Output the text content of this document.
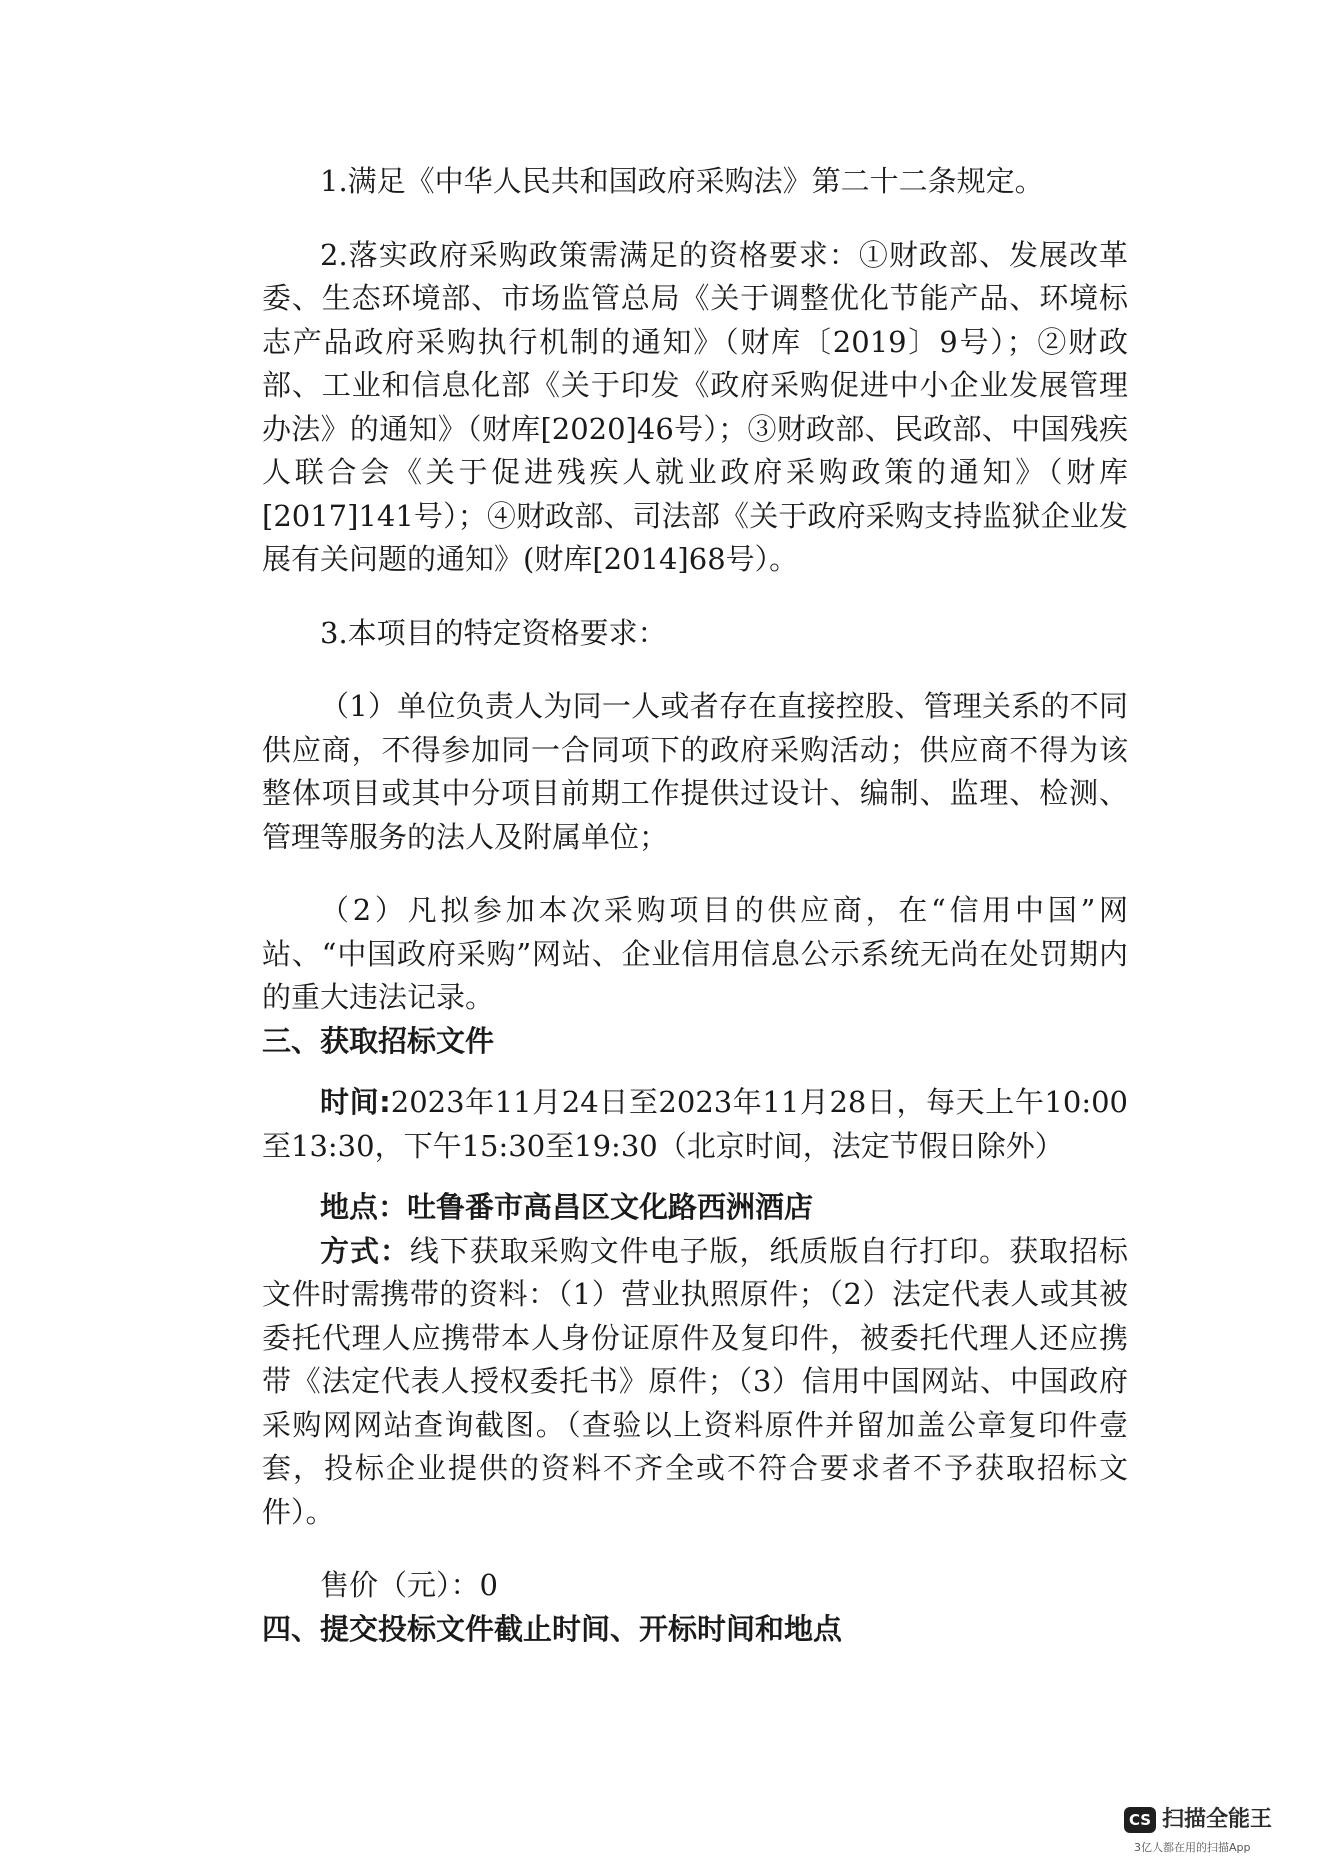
1.满足《中华人民共和国政府采购法》第二十二条规定。

2.落实政府采购政策需满足的资格要求：①财政部、发展改革委、生态环境部、市场监管总局《关于调整优化节能产品、环境标志产品政府采购执行机制的通知》（财库〔2019〕9号）；②财政部、工业和信息化部《关于印发《政府采购促进中小企业发展管理办法》的通知》（财库[2020]46号）；③财政部、民政部、中国残疾人联合会《关于促进残疾人就业政府采购政策的通知》（财库[2017]141号）；④财政部、司法部《关于政府采购支持监狱企业发展有关问题的通知》(财库[2014]68号）。

3.本项目的特定资格要求：

（1）单位负责人为同一人或者存在直接控股、管理关系的不同供应商，不得参加同一合同项下的政府采购活动；供应商不得为该整体项目或其中分项目前期工作提供过设计、编制、监理、检测、管理等服务的法人及附属单位；

（2）凡拟参加本次采购项目的供应商，在“信用中国”网站、“中国政府采购”网站、企业信用信息公示系统无尚在处罚期内的重大违法记录。

三、获取招标文件

时间:2023年11月24日至2023年11月28日，每天上午10:00至13:30，下午15:30至19:30（北京时间，法定节假日除外）

地点：吐鲁番市高昌区文化路西洲酒店

方式：线下获取采购文件电子版，纸质版自行打印。获取招标文件时需携带的资料：（1）营业执照原件；（2）法定代表人或其被委托代理人应携带本人身份证原件及复印件，被委托代理人还应携带《法定代表人授权委托书》原件；（3）信用中国网站、中国政府采购网网站查询截图。（查验以上资料原件并留加盖公章复印件壹套，投标企业提供的资料不齐全或不符合要求者不予获取招标文件）。

售价（元）：0

四、提交投标文件截止时间、开标时间和地点

CS 扫描全能王
3亿人都在用的扫描App
